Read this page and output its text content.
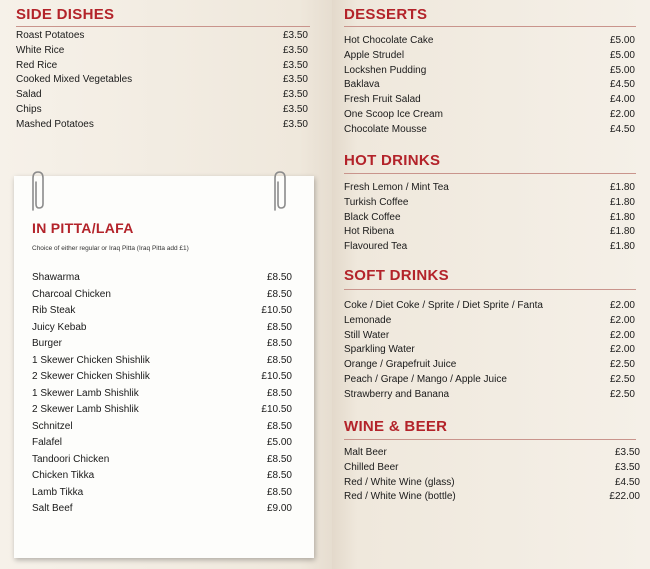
SIDE DISHES
Roast Potatoes	£3.50
White Rice	£3.50
Red Rice	£3.50
Cooked Mixed Vegetables	£3.50
Salad	£3.50
Chips	£3.50
Mashed Potatoes	£3.50
IN PITTA/LAFA
Choice of either regular or Iraq Pitta (Iraq Pitta add £1)
Shawarma	£8.50
Charcoal Chicken	£8.50
Rib Steak	£10.50
Juicy Kebab	£8.50
Burger	£8.50
1 Skewer Chicken Shishlik	£8.50
2 Skewer Chicken Shishlik	£10.50
1 Skewer Lamb Shishlik	£8.50
2 Skewer Lamb Shishlik	£10.50
Schnitzel	£8.50
Falafel	£5.00
Tandoori Chicken	£8.50
Chicken Tikka	£8.50
Lamb Tikka	£8.50
Salt Beef	£9.00
DESSERTS
Hot Chocolate Cake	£5.00
Apple Strudel	£5.00
Lockshen Pudding	£5.00
Baklava	£4.50
Fresh Fruit Salad	£4.00
One Scoop Ice Cream	£2.00
Chocolate Mousse	£4.50
HOT DRINKS
Fresh Lemon / Mint Tea	£1.80
Turkish Coffee	£1.80
Black Coffee	£1.80
Hot Ribena	£1.80
Flavoured Tea	£1.80
SOFT DRINKS
Coke / Diet Coke / Sprite / Diet Sprite / Fanta	£2.00
Lemonade	£2.00
Still Water	£2.00
Sparkling Water	£2.00
Orange / Grapefruit Juice	£2.50
Peach / Grape / Mango / Apple Juice	£2.50
Strawberry and Banana	£2.50
WINE & BEER
Malt Beer	£3.50
Chilled Beer	£3.50
Red / White Wine (glass)	£4.50
Red / White Wine (bottle)	£22.00
